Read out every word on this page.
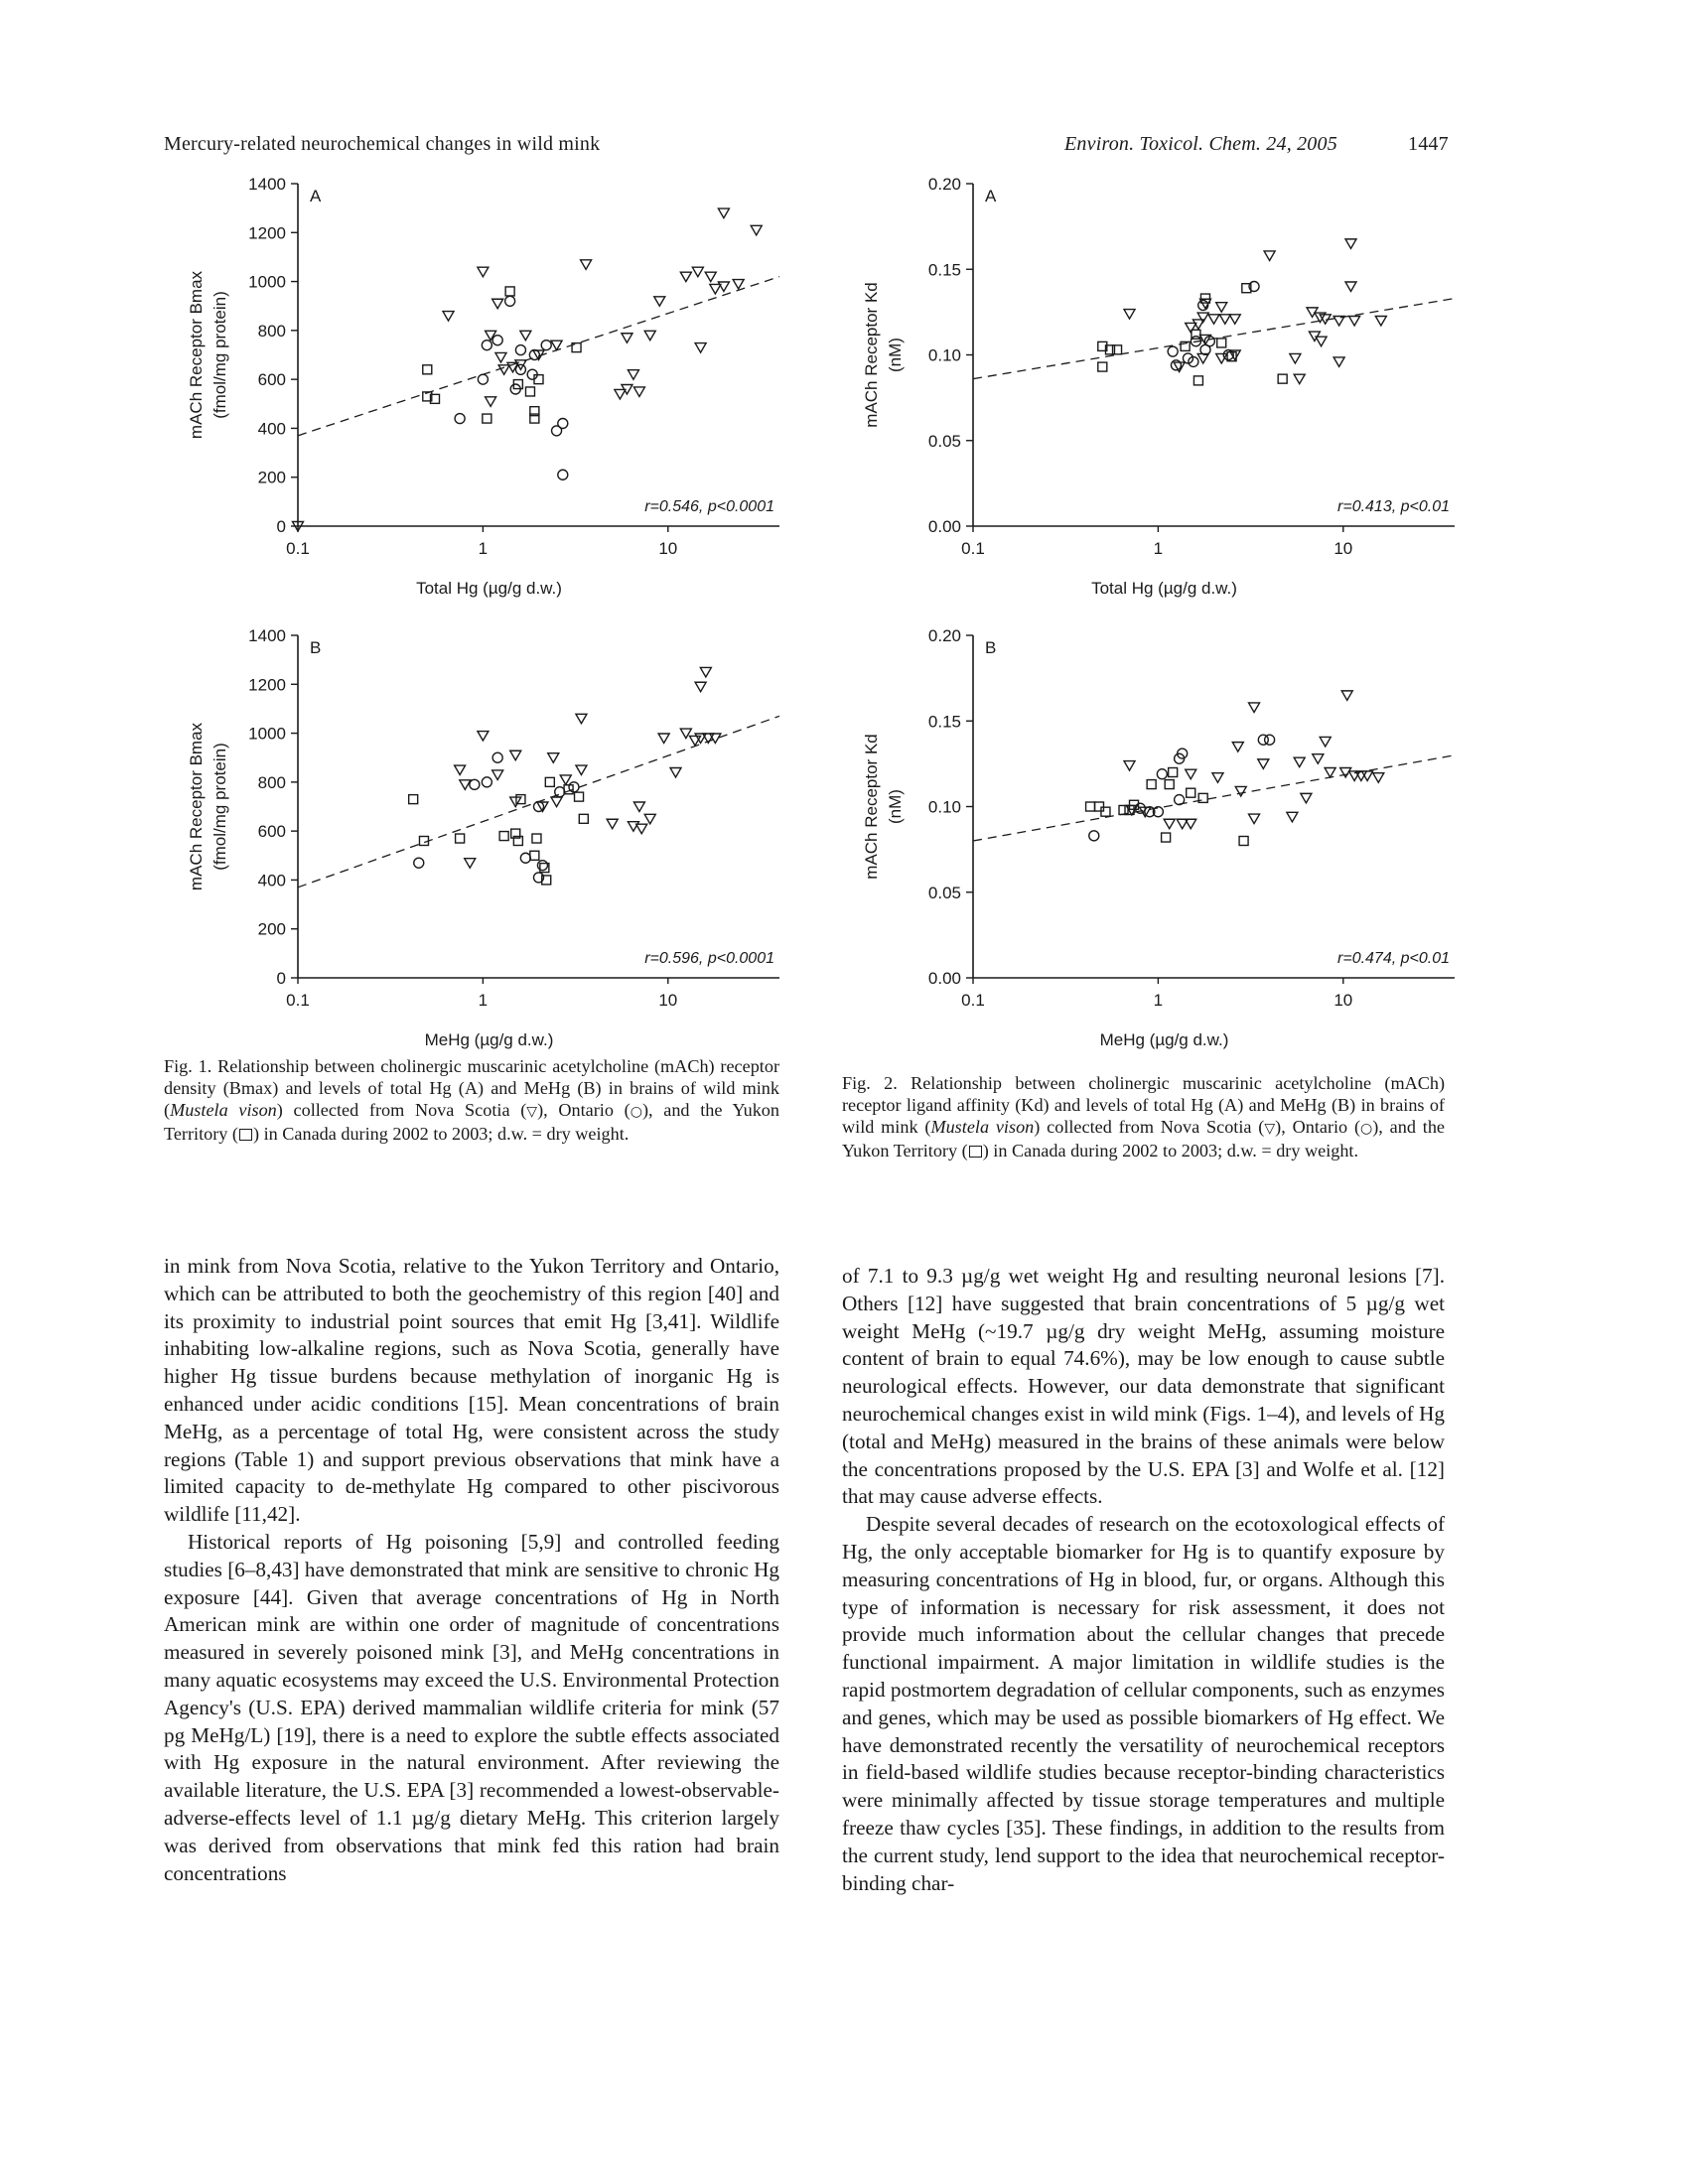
Mercury-related neurochemical changes in wild mink	Environ. Toxicol. Chem. 24, 2005	1447
0
200
400
600
800
1000
1200
1400
0.1	1	10
mACh Receptor Bmax (fmol/mg protein)
Total Hg (µg/g d.w.)
A
r=0.546, p<0.0001
0
200
400
600
800
1000
1200
1400
0.1	1	10
mACh Receptor Bmax (fmol/mg protein)
MeHg (µg/g d.w.)
B
r=0.596, p<0.0001
0.00
0.05
0.10
0.15
0.20
0.1	1	10
mACh Receptor Kd (nM)
Total Hg (µg/g d.w.)
A
r=0.413, p<0.01
0.00
0.05
0.10
0.15
0.20
0.1	1	10
mACh Receptor Kd (nM)
MeHg (µg/g d.w.)
B
r=0.474, p<0.01
Fig. 1. Relationship between cholinergic muscarinic acetylcholine (mACh) receptor density (Bmax) and levels of total Hg (A) and MeHg (B) in brains of wild mink (Mustela vison) collected from Nova Scotia (▽), Ontario (○), and the Yukon Territory ( ) in Canada during 2002 to 2003; d.w. = dry weight.
Fig. 2. Relationship between cholinergic muscarinic acetylcholine (mACh) receptor ligand affinity (Kd) and levels of total Hg (A) and MeHg (B) in brains of wild mink (Mustela vison) collected from Nova Scotia (▽), Ontario (○), and the Yukon Territory ( ) in Canada during 2002 to 2003; d.w. = dry weight.

in mink from Nova Scotia, relative to the Yukon Territory and Ontario, which can be attributed to both the geochemistry of this region [40] and its proximity to industrial point sources that emit Hg [3,41]. Wildlife inhabiting low-alkaline regions, such as Nova Scotia, generally have higher Hg tissue burdens because methylation of inorganic Hg is enhanced under acidic conditions [15]. Mean concentrations of brain MeHg, as a percentage of total Hg, were consistent across the study regions (Table 1) and support previous observations that mink have a limited capacity to de-methylate Hg compared to other piscivorous wildlife [11,42].

Historical reports of Hg poisoning [5,9] and controlled feeding studies [6–8,43] have demonstrated that mink are sensitive to chronic Hg exposure [44]. Given that average concentrations of Hg in North American mink are within one order of magnitude of concentrations measured in severely poisoned mink [3], and MeHg concentrations in many aquatic ecosystems may exceed the U.S. Environmental Protection Agency's (U.S. EPA) derived mammalian wildlife criteria for mink (57 pg MeHg/L) [19], there is a need to explore the subtle effects associated with Hg exposure in the natural environment. After reviewing the available literature, the U.S. EPA [3] recommended a lowest-observable-adverse-effects level of 1.1 µg/g dietary MeHg. This criterion largely was derived from observations that mink fed this ration had brain concentrations

of 7.1 to 9.3 µg/g wet weight Hg and resulting neuronal lesions [7]. Others [12] have suggested that brain concentrations of 5 µg/g wet weight MeHg (~19.7 µg/g dry weight MeHg, assuming moisture content of brain to equal 74.6%), may be low enough to cause subtle neurological effects. However, our data demonstrate that significant neurochemical changes exist in wild mink (Figs. 1–4), and levels of Hg (total and MeHg) measured in the brains of these animals were below the concentrations proposed by the U.S. EPA [3] and Wolfe et al. [12] that may cause adverse effects.

Despite several decades of research on the ecotoxological effects of Hg, the only acceptable biomarker for Hg is to quantify exposure by measuring concentrations of Hg in blood, fur, or organs. Although this type of information is necessary for risk assessment, it does not provide much information about the cellular changes that precede functional impairment. A major limitation in wildlife studies is the rapid postmortem degradation of cellular components, such as enzymes and genes, which may be used as possible biomarkers of Hg effect. We have demonstrated recently the versatility of neurochemical receptors in field-based wildlife studies because receptor-binding characteristics were minimally affected by tissue storage temperatures and multiple freeze thaw cycles [35]. These findings, in addition to the results from the current study, lend support to the idea that neurochemical receptor-binding char-
